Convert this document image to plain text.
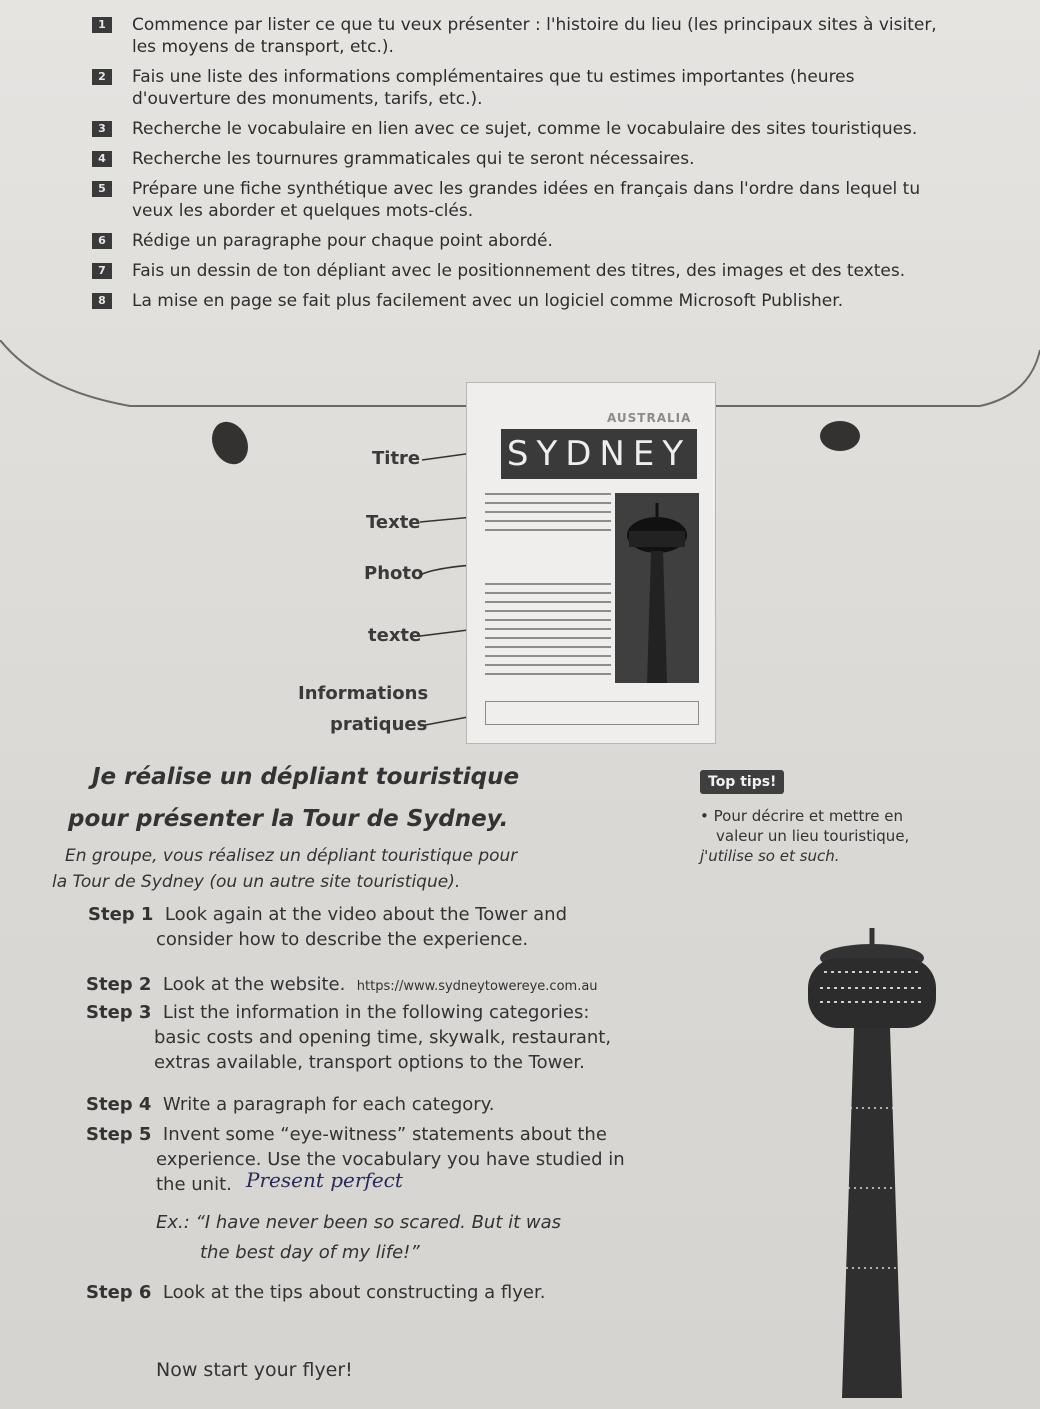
1	Commence par lister ce que tu veux présenter : l'histoire du lieu (les principaux sites à visiter, les moyens de transport, etc.).
2	Fais une liste des informations complémentaires que tu estimes importantes (heures d'ouverture des monuments, tarifs, etc.).
3	Recherche le vocabulaire en lien avec ce sujet, comme le vocabulaire des sites touristiques.
4	Recherche les tournures grammaticales qui te seront nécessaires.
5	Prépare une fiche synthétique avec les grandes idées en français dans l'ordre dans lequel tu veux les aborder et quelques mots-clés.
6	Rédige un paragraphe pour chaque point abordé.
7	Fais un dessin de ton dépliant avec le positionnement des titres, des images et des textes.
8	La mise en page se fait plus facilement avec un logiciel comme Microsoft Publisher.
Titre
Texte
Photo
texte
Informations
pratiques
AUSTRALIA
SYDNEY
Je réalise un dépliant touristique
pour présenter la Tour de Sydney.
En groupe, vous réalisez un dépliant touristique pour
la Tour de Sydney (ou un autre site touristique).
Step 1 Look again at the video about the Tower and
consider how to describe the experience.
Step 2 Look at the website. https://www.sydneytowereye.com.au
Step 3 List the information in the following categories:
basic costs and opening time, skywalk, restaurant,
extras available, transport options to the Tower.
Step 4 Write a paragraph for each category.
Step 5 Invent some “eye-witness” statements about the
experience. Use the vocabulary you have studied in
the unit. Present perfect
Ex.: “I have never been so scared. But it was
the best day of my life!”
Step 6 Look at the tips about constructing a flyer.
Now start your flyer!
Top tips!
• Pour décrire et mettre en
valeur un lieu touristique,
j'utilise so et such.
